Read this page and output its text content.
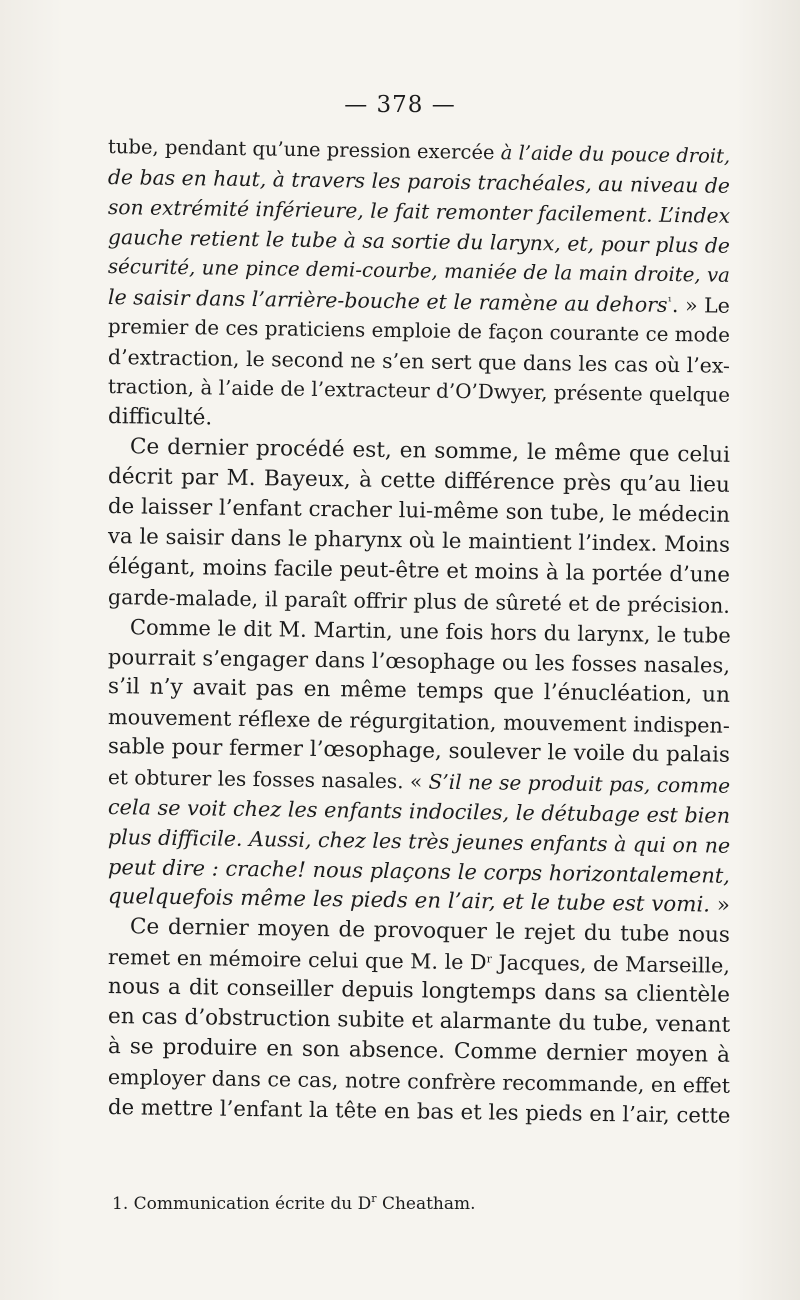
— 378 —
tube, pendant qu’une pression exercée à l’aide du pouce droit,
de bas en haut, à travers les parois trachéales, au niveau de
son extrémité inférieure, le fait remonter facilement. L’index
gauche retient le tube à sa sortie du larynx, et, pour plus de
sécurité, une pince demi-courbe, maniée de la main droite, va
le saisir dans l’arrière-bouche et le ramène au dehors$^{^1}$. » Le
premier de ces praticiens emploie de façon courante ce mode
d’extraction, le second ne s’en sert que dans les cas où l’ex-
traction, à l’aide de l’extracteur d’O’Dwyer, présente quelque
difficulté.
Ce dernier procédé est, en somme, le même que celui
décrit par M. Bayeux, à cette différence près qu’au lieu
de laisser l’enfant cracher lui-même son tube, le médecin
va le saisir dans le pharynx où le maintient l’index. Moins
élégant, moins facile peut-être et moins à la portée d’une
garde-malade, il paraît offrir plus de sûreté et de précision.
Comme le dit M. Martin, une fois hors du larynx, le tube
pourrait s’engager dans l’œsophage ou les fosses nasales,
s’il n’y avait pas en même temps que l’énucléation, un
mouvement réflexe de régurgitation, mouvement indispen-
sable pour fermer l’œsophage, soulever le voile du palais
et obturer les fosses nasales. « S’il ne se produit pas, comme
cela se voit chez les enfants indociles, le détubage est bien
plus difficile. Aussi, chez les très jeunes enfants à qui on ne
peut dire : crache! nous plaçons le corps horizontalement,
quelquefois même les pieds en l’air, et le tube est vomi. »
Ce dernier moyen de provoquer le rejet du tube nous
remet en mémoire celui que M. le $D^r$ Jacques, de Marseille,
nous a dit conseiller depuis longtemps dans sa clientèle
en cas d’obstruction subite et alarmante du tube, venant
à se produire en son absence. Comme dernier moyen à
employer dans ce cas, notre confrère recommande, en effet
de mettre l’enfant la tête en bas et les pieds en l’air, cette
1. Communication écrite du $D^r$ Cheatham.
